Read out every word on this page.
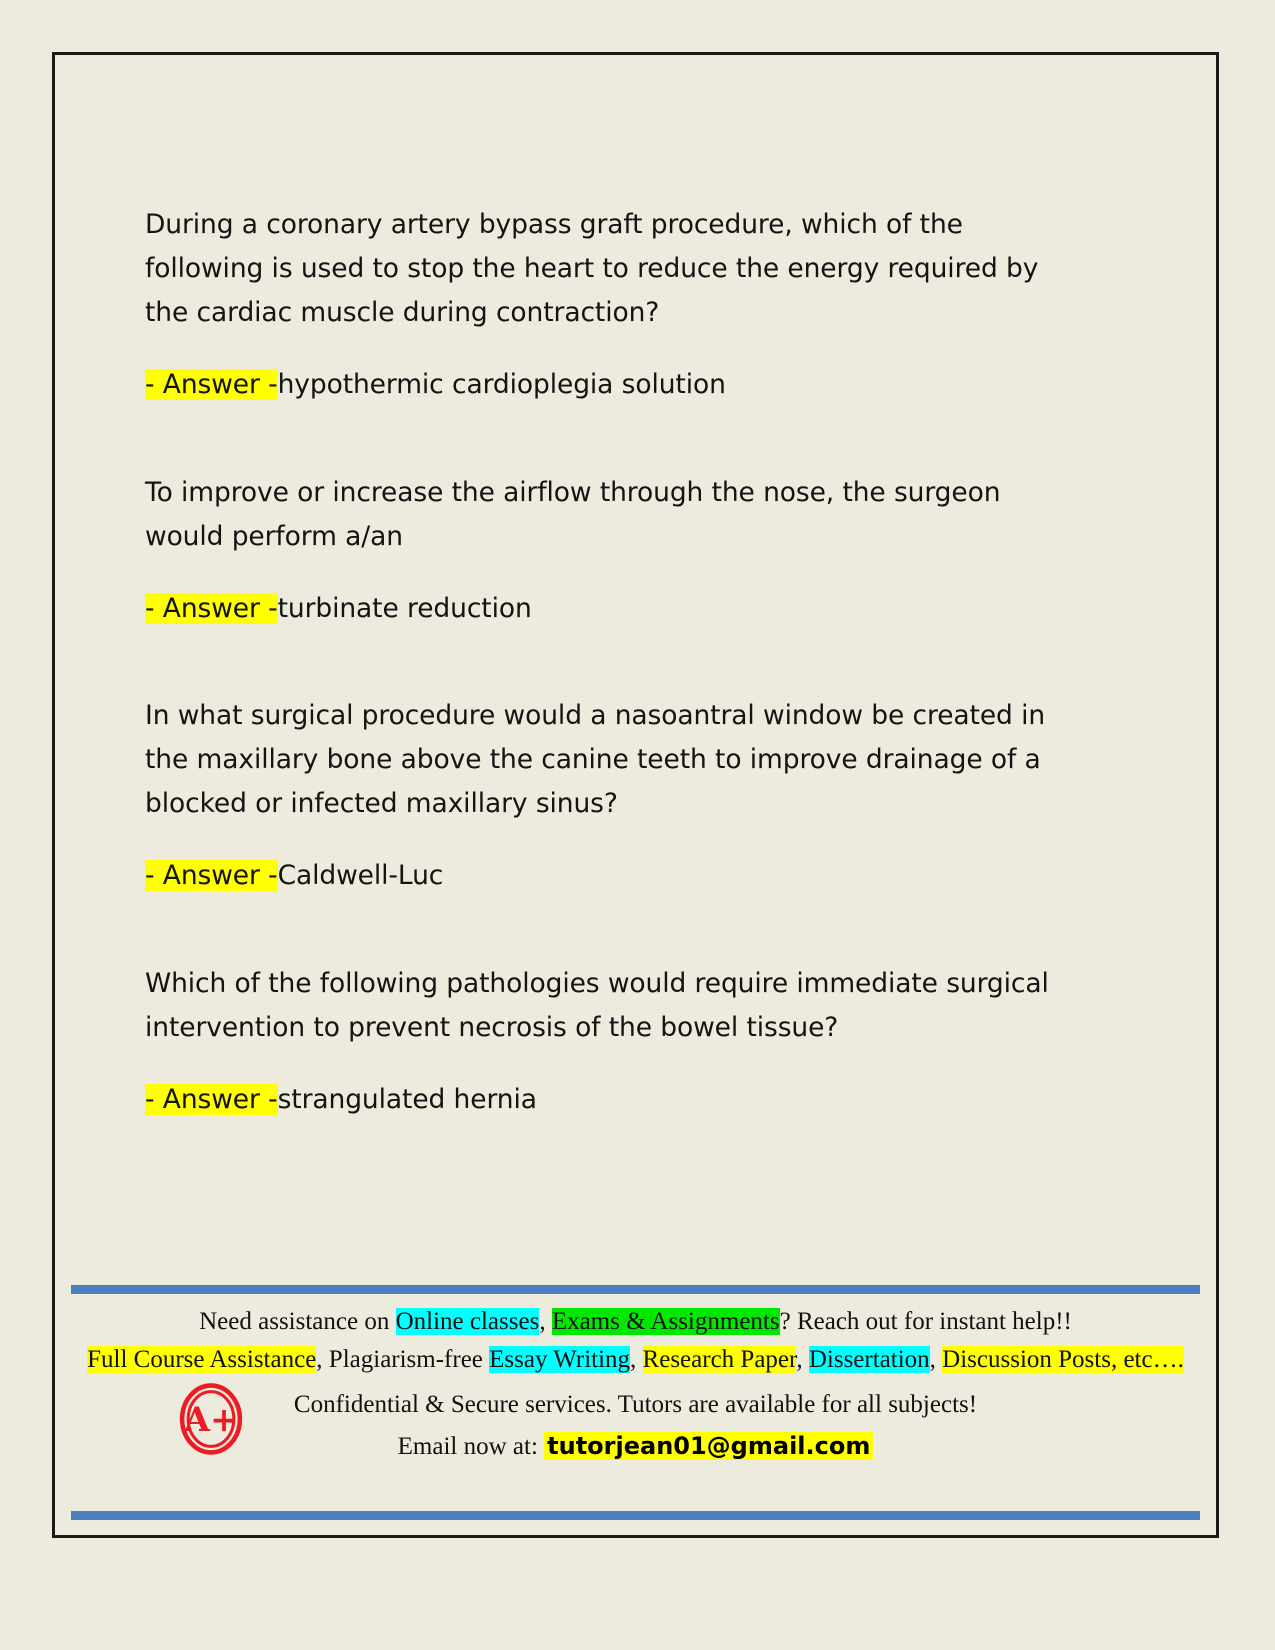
During a coronary artery bypass graft procedure, which of the following is used to stop the heart to reduce the energy required by the cardiac muscle during contraction?

- Answer -hypothermic cardioplegia solution

To improve or increase the airflow through the nose, the surgeon would perform a/an

- Answer -turbinate reduction

In what surgical procedure would a nasoantral window be created in the maxillary bone above the canine teeth to improve drainage of a blocked or infected maxillary sinus?

- Answer -Caldwell-Luc

Which of the following pathologies would require immediate surgical intervention to prevent necrosis of the bowel tissue?

- Answer -strangulated hernia

Need assistance on Online classes, Exams & Assignments? Reach out for instant help!!
Full Course Assistance, Plagiarism-free Essay Writing, Research Paper, Dissertation, Discussion Posts, etc….
A+	Confidential & Secure services. Tutors are available for all subjects!
Email now at: tutorjean01@gmail.com
